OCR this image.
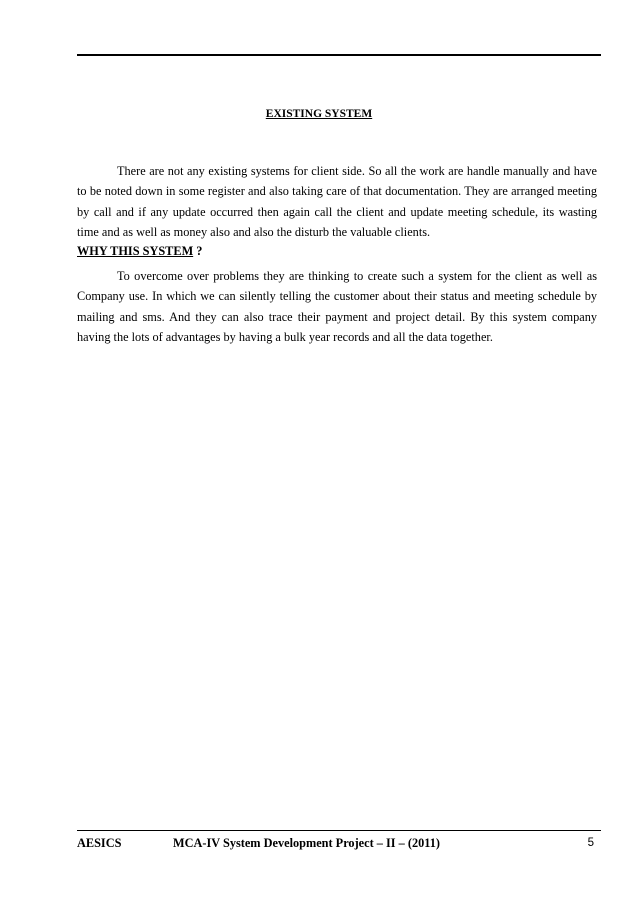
EXISTING SYSTEM

There are not any existing systems for client side. So all the work are handle manually and have to be noted down in some register and also taking care of that documentation. They are arranged meeting by call and if any update occurred then again call the client and update meeting schedule, its wasting time and as well as money also and also the disturb the valuable clients.

WHY THIS SYSTEM ?

To overcome over problems they are thinking to create such a system for the client as well as Company use. In which we can silently telling the customer about their status and meeting schedule by mailing and sms. And they can also trace their payment and project detail. By this system company having the lots of advantages by having a bulk year records and all the data together.

AESICS	MCA-IV System Development Project – II – (2011)	5
